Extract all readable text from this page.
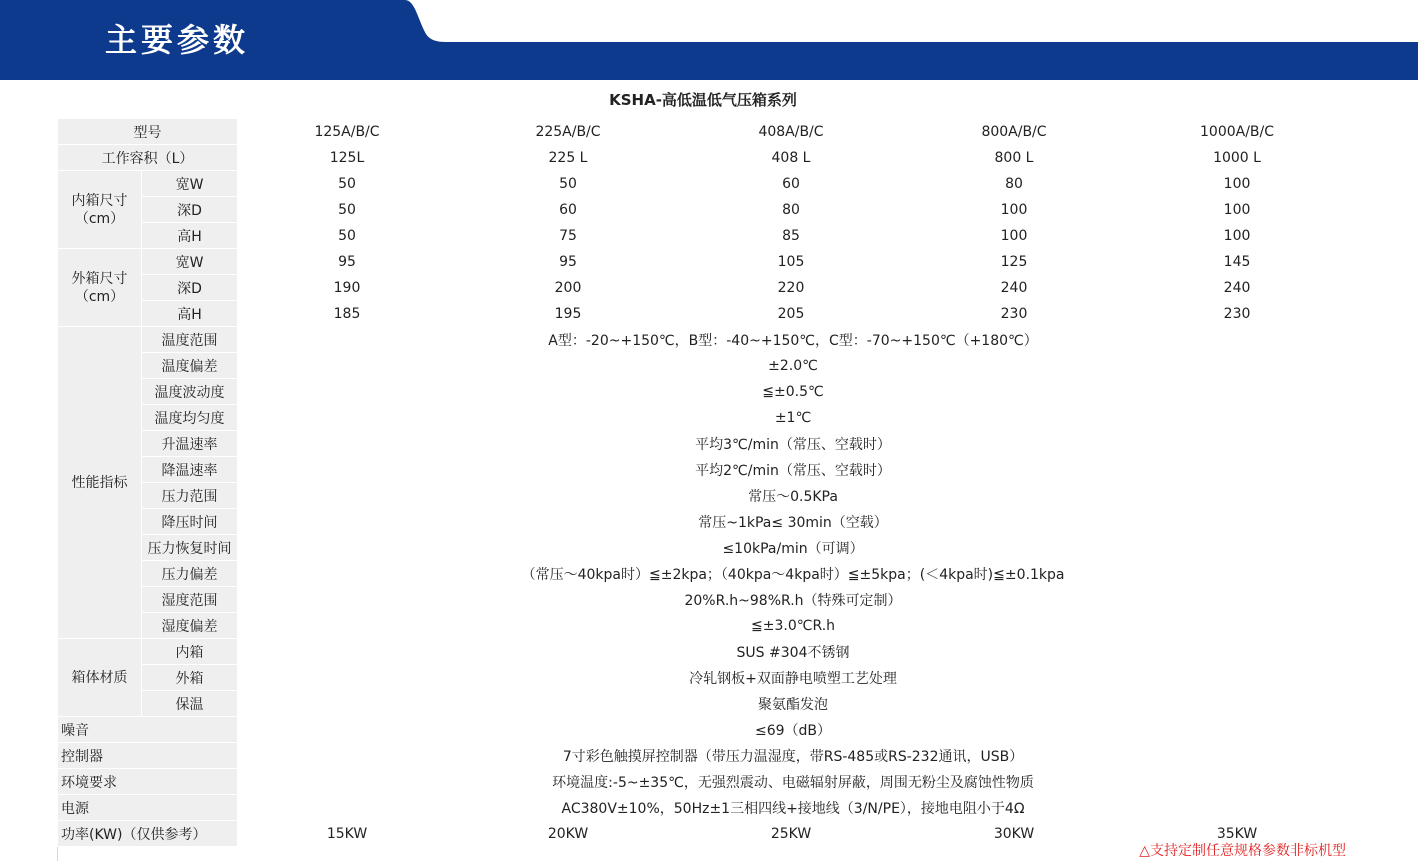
主要参数
KSHA-高低温低气压箱系列						
型号		125A/B/C	225A/B/C	408A/B/C	800A/B/C	1000A/B/C
工作容积（L）		125L	225 L	408 L	800 L	1000 L
内箱尺寸（cm）	宽W	50	50	60	80	100
	深D	50	60	80	100	100
	高H	50	75	85	100	100
外箱尺寸（cm）	宽W	95	95	105	125	145
	深D	190	200	220	240	240
	高H	185	195	205	230	230
性能指标	温度范围	A型：-20~+150℃，B型：-40~+150℃，C型：-70~+150℃（+180℃）				
	温度偏差	±2.0℃				
	温度波动度	≦±0.5℃				
	温度均匀度	±1℃				
	升温速率	平均3℃/min（常压、空载时）				
	降温速率	平均2℃/min（常压、空载时）				
	压力范围	常压～0.5KPa				
	降压时间	常压~1kPa≤ 30min（空载）				
	压力恢复时间	≤10kPa/min（可调）				
	压力偏差	（常压～40kpa时）≦±2kpa；（40kpa～4kpa时）≦±5kpa；(＜4kpa时)≦±0.1kpa				
	湿度范围	20%R.h~98%R.h（特殊可定制）				
	湿度偏差	≦±3.0℃R.h				
箱体材质	内箱	SUS #304不锈钢				
	外箱	冷轧钢板+双面静电喷塑工艺处理				
	保温	聚氨酯发泡				
噪音		≤69（dB）				
控制器		7寸彩色触摸屏控制器（带压力温湿度，带RS-485或RS-232通讯，USB）				
环境要求		环境温度:-5~±35℃，无强烈震动、电磁辐射屏蔽，周围无粉尘及腐蚀性物质				
电源		AC380V±10%，50Hz±1三相四线+接地线（3/N/PE），接地电阻小于4Ω				
功率(KW)（仅供参考）		15KW	20KW	25KW	30KW	35KW
△支持定制任意规格参数非标机型
